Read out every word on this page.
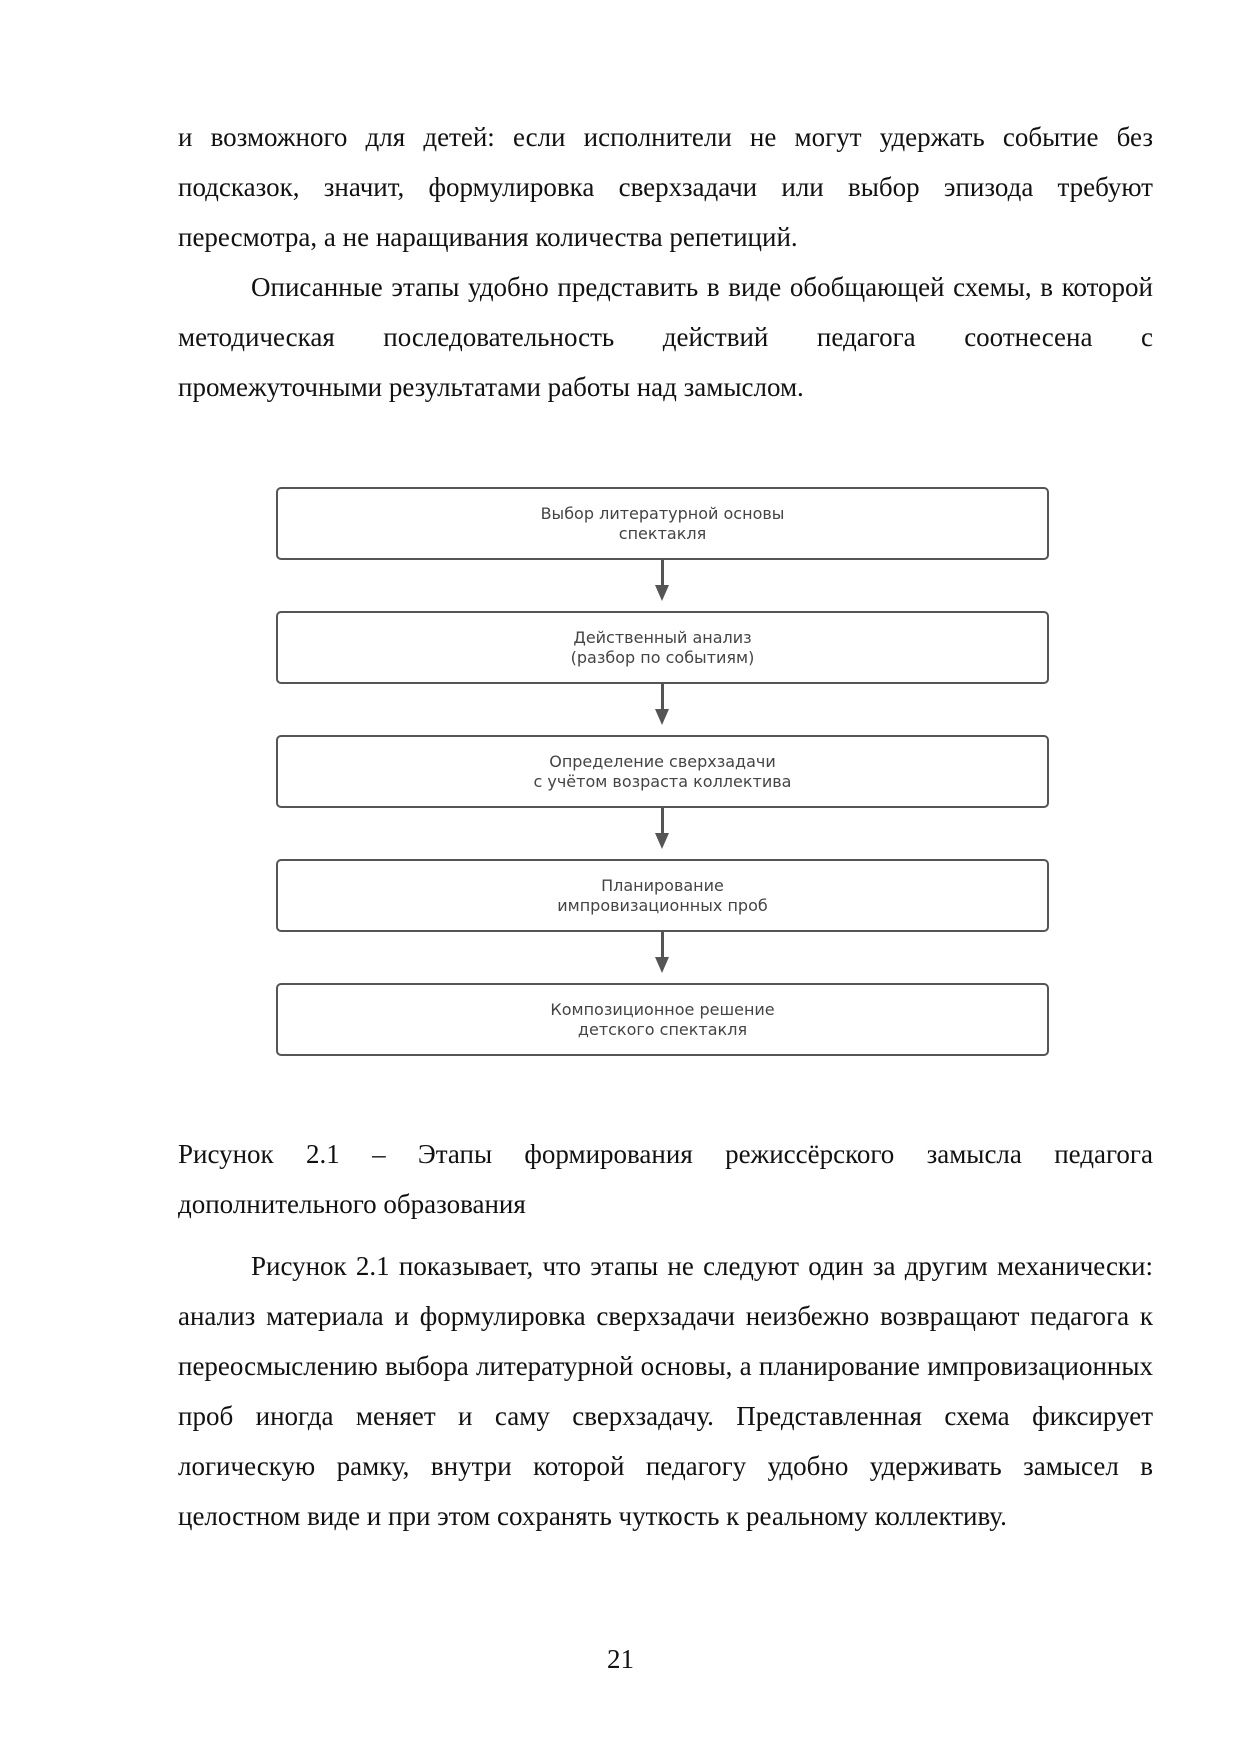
и возможного для детей: если исполнители не могут удержать событие без подсказок, значит, формулировка сверхзадачи или выбор эпизода требуют пересмотра, а не наращивания количества репетиций.

Описанные этапы удобно представить в виде обобщающей схемы, в которой методическая последовательность действий педагога соотнесена с промежуточными результатами работы над замыслом.

Выбор литературной основы
спектакля
Действенный анализ
(разбор по событиям)
Определение сверхзадачи
с учётом возраста коллектива
Планирование
импровизационных проб
Композиционное решение
детского спектакля

Рисунок 2.1 – Этапы формирования режиссёрского замысла педагога дополнительного образования

Рисунок 2.1 показывает, что этапы не следуют один за другим механически: анализ материала и формулировка сверхзадачи неизбежно возвращают педагога к переосмыслению выбора литературной основы, а планирование импровизационных проб иногда меняет и саму сверхзадачу. Представленная схема фиксирует логическую рамку, внутри которой педагогу удобно удерживать замысел в целостном виде и при этом сохранять чуткость к реальному коллективу.

21
